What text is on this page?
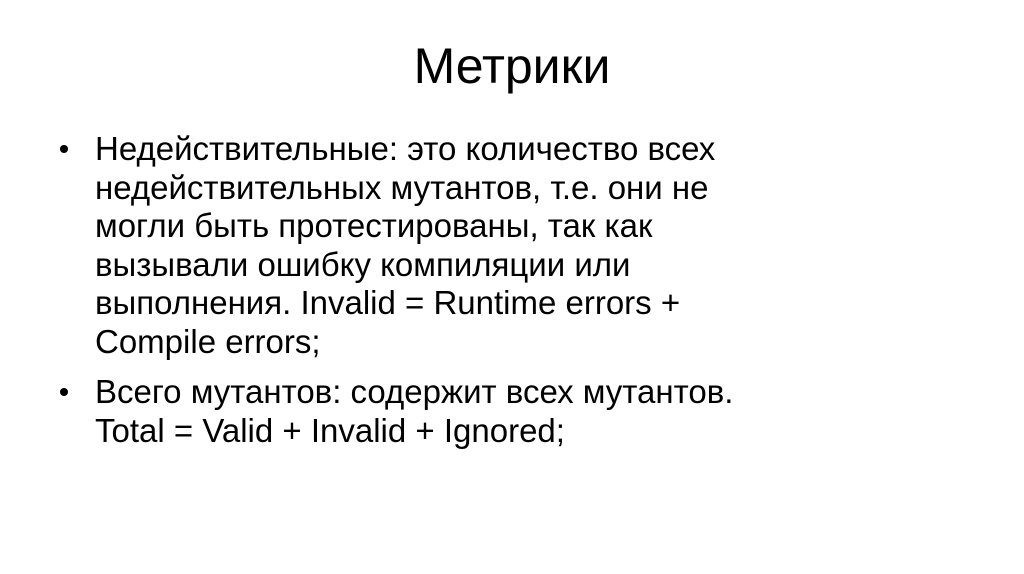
Метрики
Недействительные: это количество всех
недействительных мутантов, т.е. они не
могли быть протестированы, так как
вызывали ошибку компиляции или
выполнения. Invalid = Runtime errors +
Compile errors;
Всего мутантов: содержит всех мутантов.
Total = Valid + Invalid + Ignored;
